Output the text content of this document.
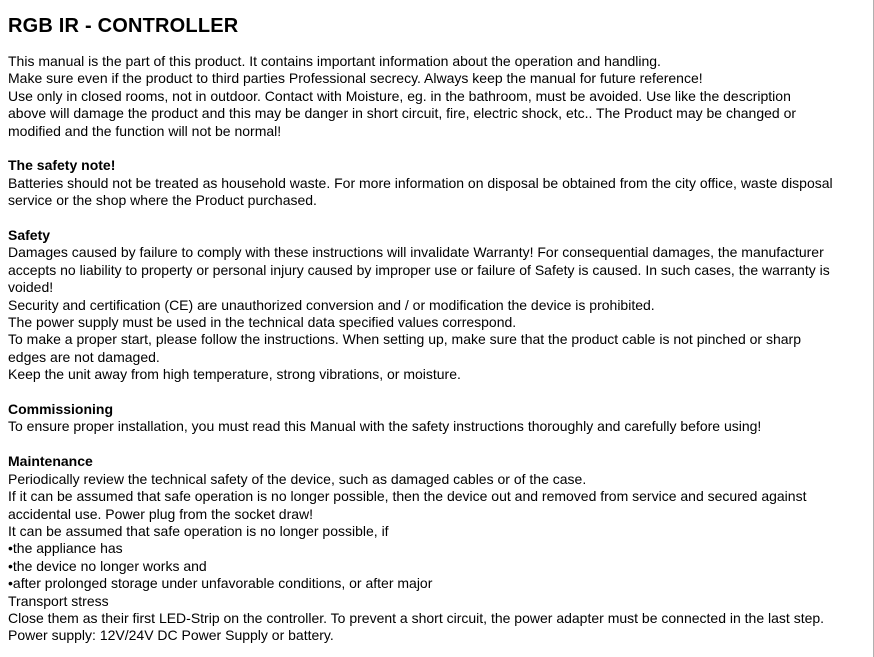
RGB IR - CONTROLLER
This manual is the part of this product. It contains important information about the operation and handling.
Make sure even if the product to third parties Professional secrecy. Always keep the manual for future reference!
Use only in closed rooms, not in outdoor. Contact with Moisture, eg. in the bathroom, must be avoided. Use like the description
above will damage the product and this may be danger in short circuit, fire, electric shock, etc.. The Product may be changed or
modified and the function will not be normal!
The safety note!
Batteries should not be treated as household waste. For more information on disposal be obtained from the city office, waste disposal
service or the shop where the Product purchased.
Safety
Damages caused by failure to comply with these instructions will invalidate Warranty! For consequential damages, the manufacturer
accepts no liability to property or personal injury caused by improper use or failure of Safety is caused. In such cases, the warranty is
voided!
Security and certification (CE) are unauthorized conversion and / or modification the device is prohibited.
The power supply must be used in the technical data specified values correspond.
To make a proper start, please follow the instructions. When setting up, make sure that the product cable is not pinched or sharp
edges are not damaged.
Keep the unit away from high temperature, strong vibrations, or moisture.
Commissioning
To ensure proper installation, you must read this Manual with the safety instructions thoroughly and carefully before using!
Maintenance
Periodically review the technical safety of the device, such as damaged cables or of the case.
If it can be assumed that safe operation is no longer possible, then the device out and removed from service and secured against
accidental use. Power plug from the socket draw!
It can be assumed that safe operation is no longer possible, if
•the appliance has
•the device no longer works and
•after prolonged storage under unfavorable conditions, or after major
Transport stress
Close them as their first LED-Strip on the controller. To prevent a short circuit, the power adapter must be connected in the last step.
Power supply: 12V/24V DC Power Supply or battery.
